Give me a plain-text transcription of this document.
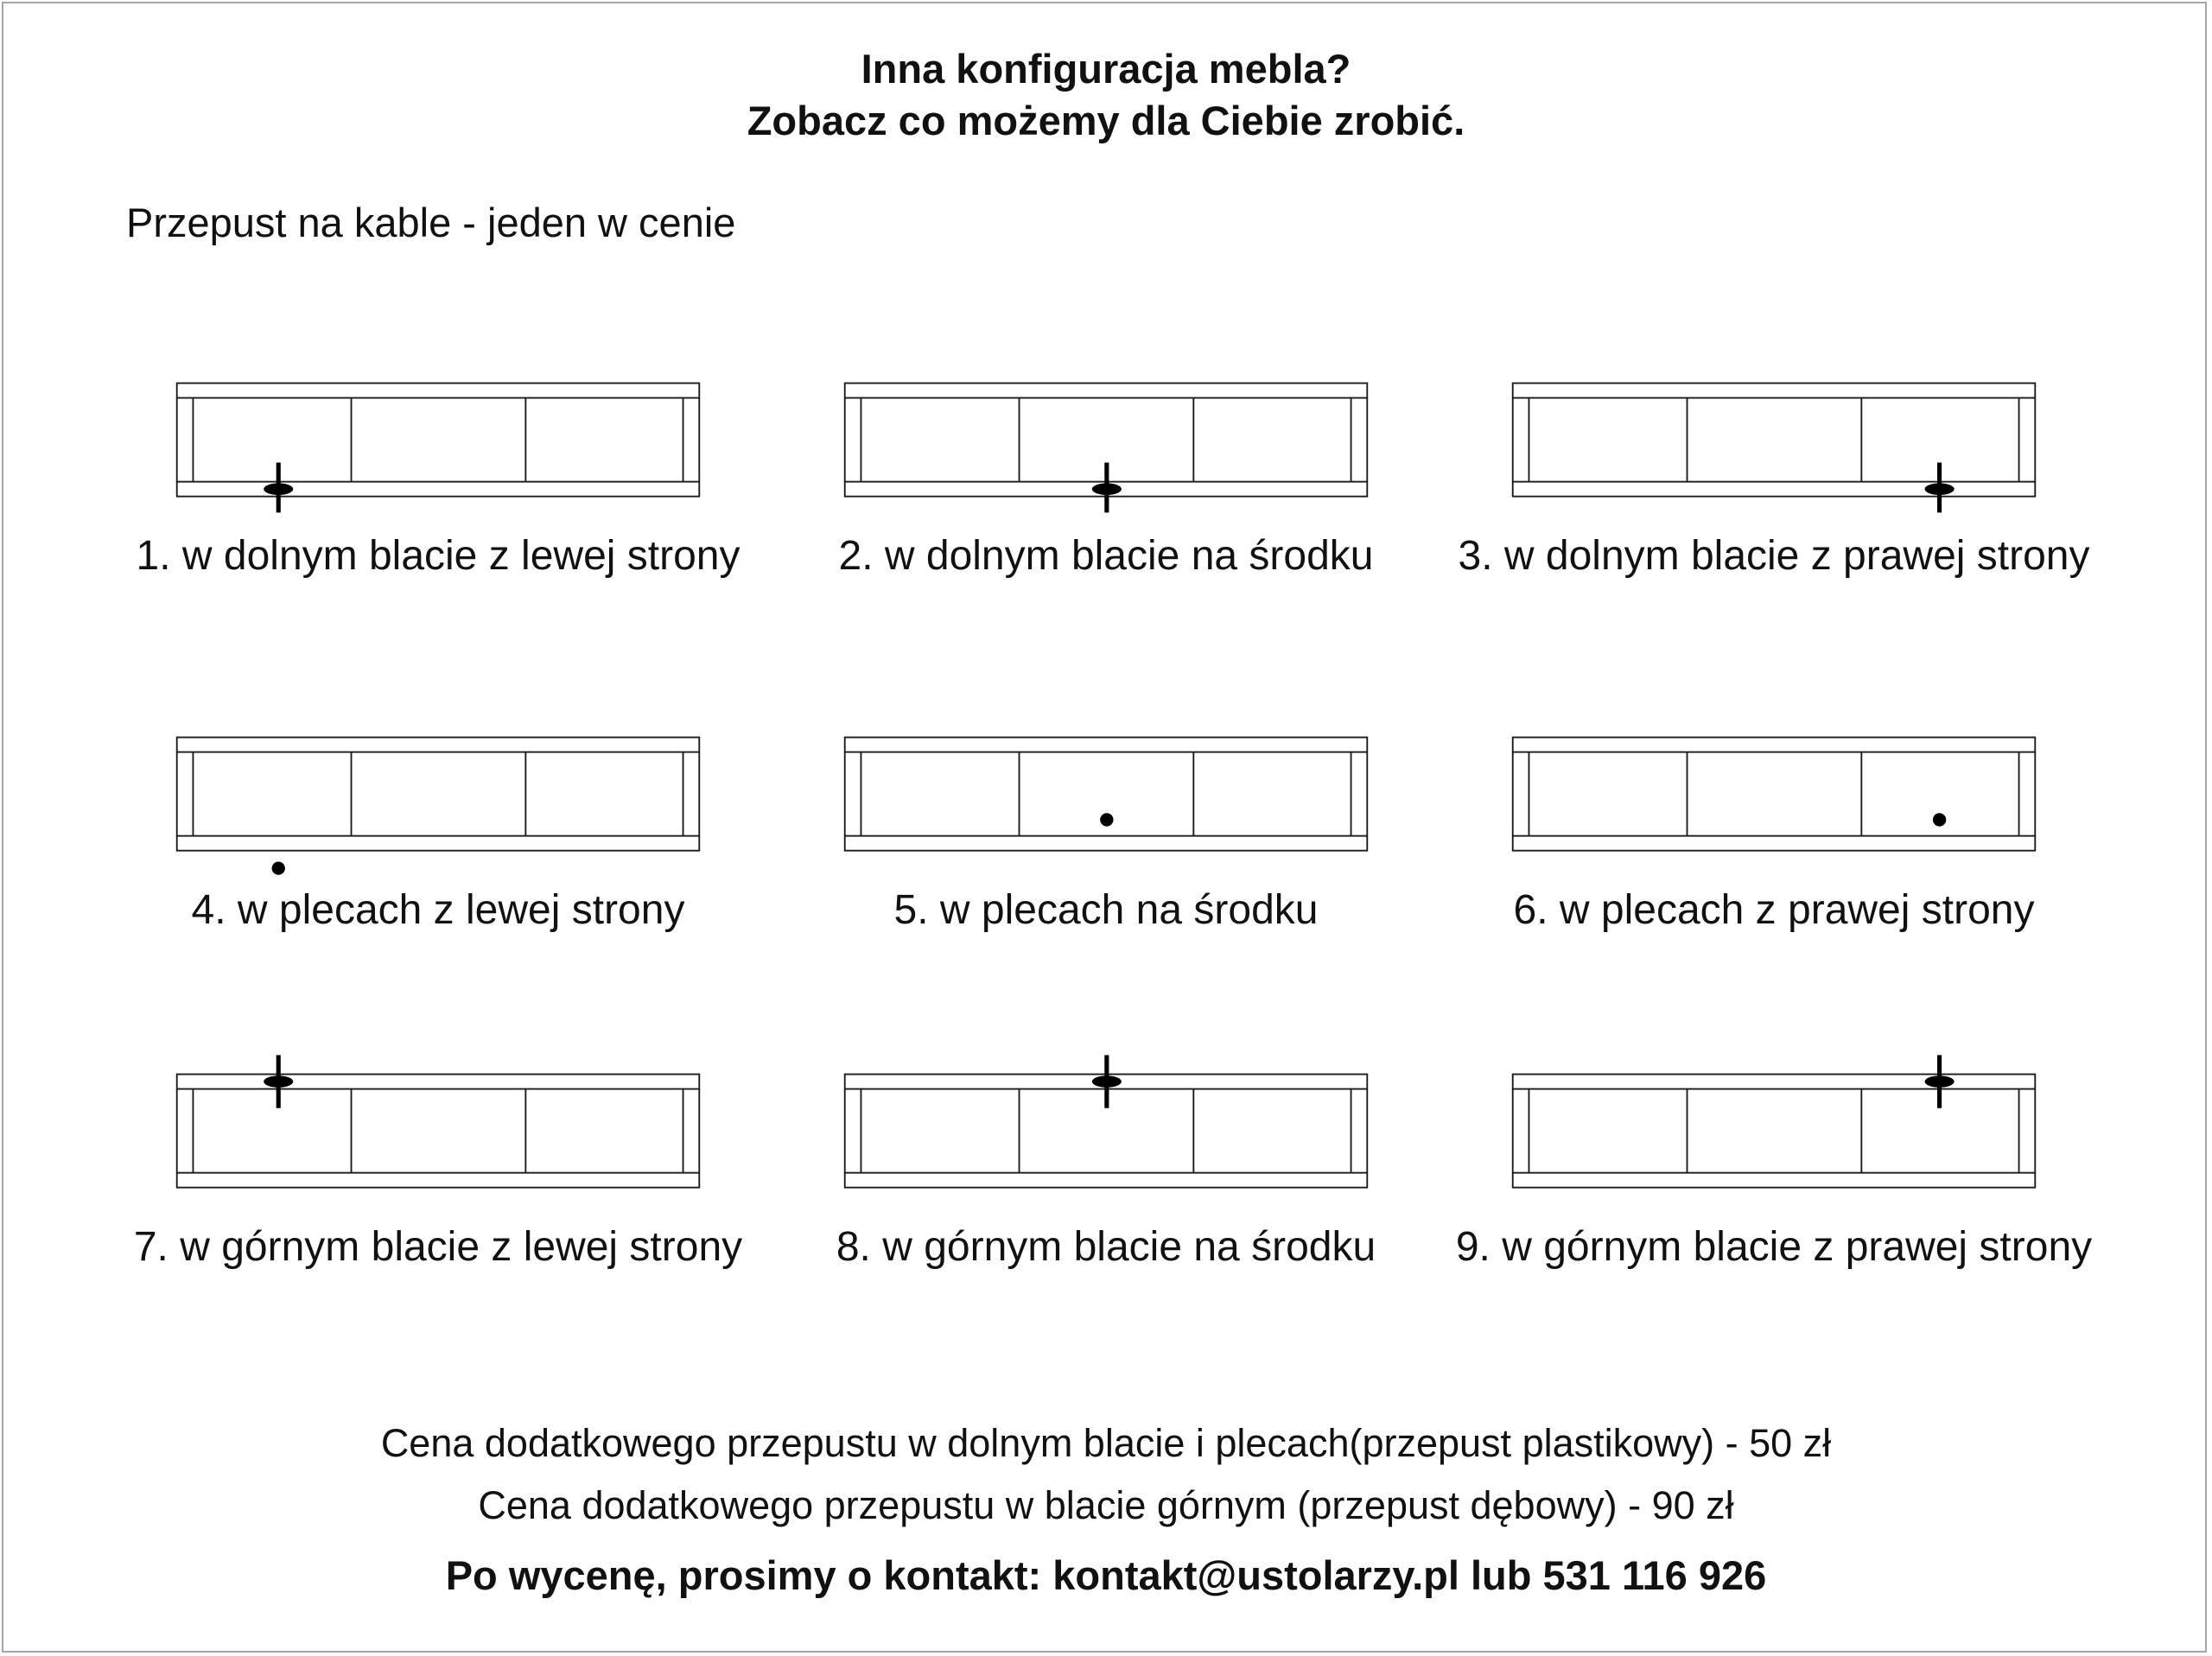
Inna konfiguracja mebla?
Zobacz co możemy dla Ciebie zrobić.
Przepust na kable - jeden w cenie
1. w dolnym blacie z lewej strony	2. w dolnym blacie na środku	3. w dolnym blacie z prawej strony
4. w plecach z lewej strony	5. w plecach na środku	6. w plecach z prawej strony
7. w górnym blacie z lewej strony	8. w górnym blacie na środku	9. w górnym blacie z prawej strony
Cena dodatkowego przepustu w dolnym blacie i plecach(przepust plastikowy) - 50 zł
Cena dodatkowego przepustu w blacie górnym (przepust dębowy) - 90 zł
Po wycenę, prosimy o kontakt: kontakt@ustolarzy.pl lub 531 116 926
